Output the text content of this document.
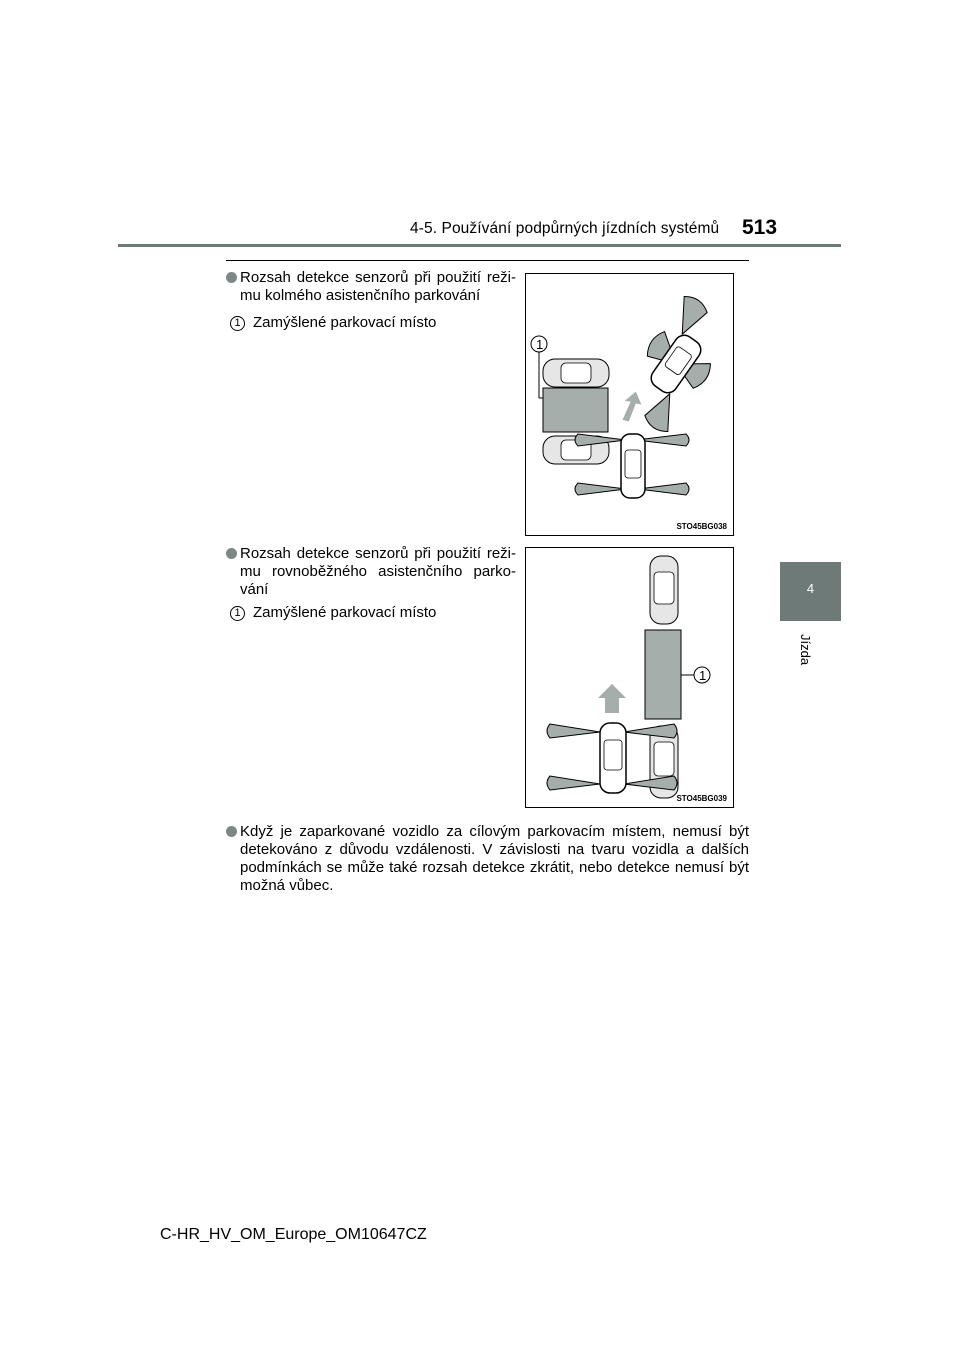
4-5. Používání podpůrných jízdních systémů 513
4
Jízda
Rozsah detekce senzorů při použití reži-mu kolmého asistenčního parkování
1 Zamýšlené parkovací místo
1
STO45BG038
Rozsah detekce senzorů při použití reži-mu rovnoběžného asistenčního parko-vání
1 Zamýšlené parkovací místo
1
STO45BG039
Když je zaparkované vozidlo za cílovým parkovacím místem, nemusí být detekováno z důvodu vzdálenosti. V závislosti na tvaru vozidla a dalších podmínkách se může také rozsah detekce zkrátit, nebo detekce nemusí být možná vůbec.
C-HR_HV_OM_Europe_OM10647CZ
